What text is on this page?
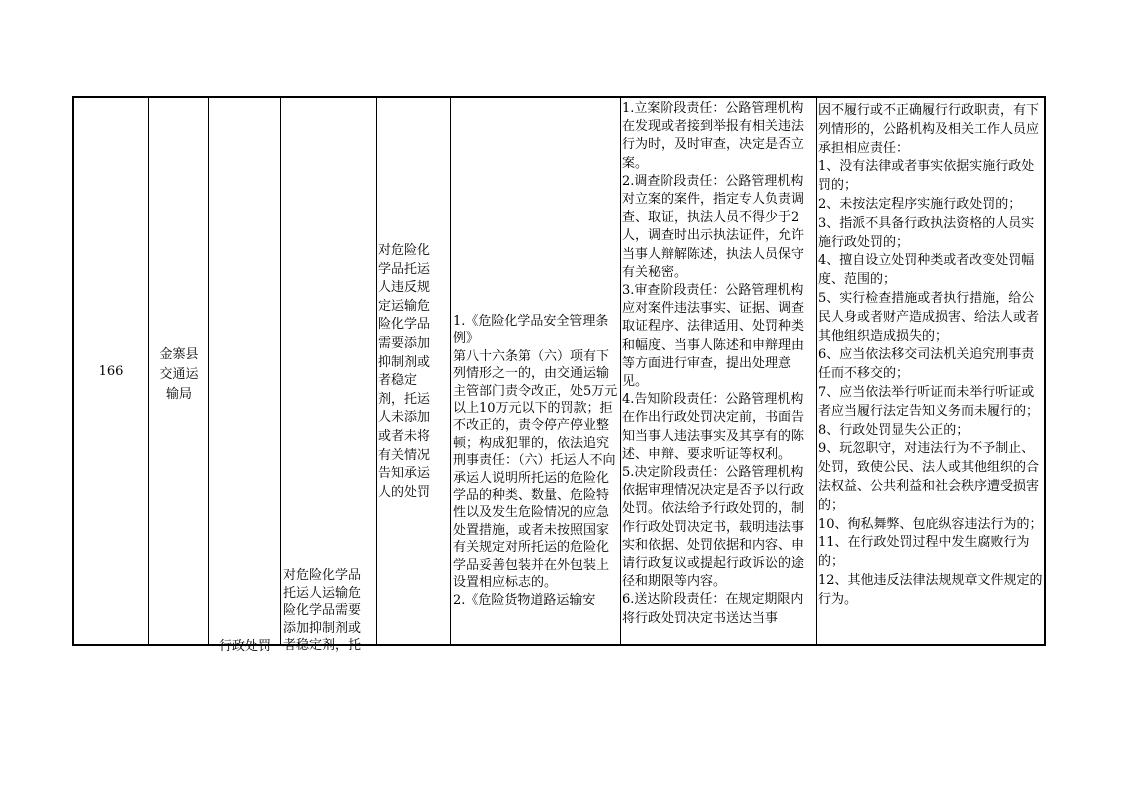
166
金寨县
交通运
输局
行政处罚
对危险化学品
托运人运输危
险化学品需要
添加抑制剂或
者稳定剂，托
对危险化
学品托运
人违反规
定运输危
险化学品
需要添加
抑制剂或
者稳定
剂，托运
人未添加
或者未将
有关情况
告知承运
人的处罚
1.《危险化学品安全管理条例》
第八十六条第（六）项有下列情形之一的，由交通运输主管部门责令改正，处5万元以上10万元以下的罚款；拒不改正的，责令停产停业整顿；构成犯罪的，依法追究刑事责任：（六）托运人不向承运人说明所托运的危险化学品的种类、数量、危险特性以及发生危险情况的应急处置措施，或者未按照国家有关规定对所托运的危险化学品妥善包装并在外包装上设置相应标志的。
2.《危险货物道路运输安
1.立案阶段责任：公路管理机构在发现或者接到举报有相关违法行为时，及时审查，决定是否立案。
2.调查阶段责任：公路管理机构对立案的案件，指定专人负责调查、取证，执法人员不得少于2人，调查时出示执法证件，允许当事人辩解陈述，执法人员保守有关秘密。
3.审查阶段责任：公路管理机构应对案件违法事实、证据、调查取证程序、法律适用、处罚种类和幅度、当事人陈述和申辩理由等方面进行审查，提出处理意见。
4.告知阶段责任：公路管理机构在作出行政处罚决定前，书面告知当事人违法事实及其享有的陈述、申辩、要求听证等权利。
5.决定阶段责任：公路管理机构依据审理情况决定是否予以行政处罚。依法给予行政处罚的，制作行政处罚决定书，载明违法事实和依据、处罚依据和内容、申请行政复议或提起行政诉讼的途径和期限等内容。
6.送达阶段责任：在规定期限内将行政处罚决定书送达当事
因不履行或不正确履行行政职责，有下列情形的，公路机构及相关工作人员应承担相应责任：
1、没有法律或者事实依据实施行政处罚的；
2、未按法定程序实施行政处罚的；
3、指派不具备行政执法资格的人员实施行政处罚的；
4、擅自设立处罚种类或者改变处罚幅度、范围的；
5、实行检查措施或者执行措施，给公民人身或者财产造成损害、给法人或者其他组织造成损失的；
6、应当依法移交司法机关追究刑事责任而不移交的；
7、应当依法举行听证而未举行听证或者应当履行法定告知义务而未履行的；
8、行政处罚显失公正的；
9、玩忽职守，对违法行为不予制止、处罚，致使公民、法人或其他组织的合法权益、公共利益和社会秩序遭受损害的；
10、徇私舞弊、包庇纵容违法行为的；
11、在行政处罚过程中发生腐败行为的；
12、其他违反法律法规规章文件规定的行为。
